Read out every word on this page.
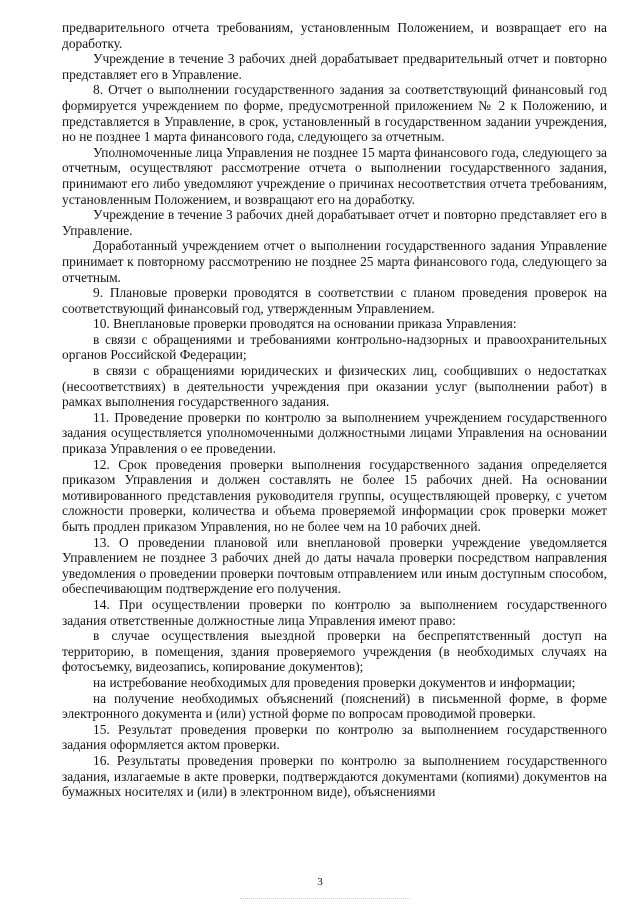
предварительного отчета требованиям, установленным Положением, и возвращает его на доработку.

Учреждение в течение 3 рабочих дней дорабатывает предварительный отчет и повторно представляет его в Управление.

8. Отчет о выполнении государственного задания за соответствующий финансовый год формируется учреждением по форме, предусмотренной приложением № 2 к Положению, и представляется в Управление, в срок, установленный в государственном задании учреждения, но не позднее 1 марта финансового года, следующего за отчетным.

Уполномоченные лица Управления не позднее 15 марта финансового года, следующего за отчетным, осуществляют рассмотрение отчета о выполнении государственного задания, принимают его либо уведомляют учреждение о причинах несоответствия отчета требованиям, установленным Положением, и возвращают его на доработку.

Учреждение в течение 3 рабочих дней дорабатывает отчет и повторно представляет его в Управление.

Доработанный учреждением отчет о выполнении государственного задания Управление принимает к повторному рассмотрению не позднее 25 марта финансового года, следующего за отчетным.

9. Плановые проверки проводятся в соответствии с планом проведения проверок на соответствующий финансовый год, утвержденным Управлением.

10. Внеплановые проверки проводятся на основании приказа Управления:

в связи с обращениями и требованиями контрольно-надзорных и правоохранительных органов Российской Федерации;

в связи с обращениями юридических и физических лиц, сообщивших о недостатках (несоответствиях) в деятельности учреждения при оказании услуг (выполнении работ) в рамках выполнения государственного задания.

11. Проведение проверки по контролю за выполнением учреждением государственного задания осуществляется уполномоченными должностными лицами Управления на основании приказа Управления о ее проведении.

12. Срок проведения проверки выполнения государственного задания определяется приказом Управления и должен составлять не более 15 рабочих дней. На основании мотивированного представления руководителя группы, осуществляющей проверку, с учетом сложности проверки, количества и объема проверяемой информации срок проверки может быть продлен приказом Управления, но не более чем на 10 рабочих дней.

13. О проведении плановой или внеплановой проверки учреждение уведомляется Управлением не позднее 3 рабочих дней до даты начала проверки посредством направления уведомления о проведении проверки почтовым отправлением или иным доступным способом, обеспечивающим подтверждение его получения.

14. При осуществлении проверки по контролю за выполнением государственного задания ответственные должностные лица Управления имеют право:

в случае осуществления выездной проверки на беспрепятственный доступ на территорию, в помещения, здания проверяемого учреждения (в необходимых случаях на фотосъемку, видеозапись, копирование документов);

на истребование необходимых для проведения проверки документов и информации;

на получение необходимых объяснений (пояснений) в письменной форме, в форме электронного документа и (или) устной форме по вопросам проводимой проверки.

15. Результат проведения проверки по контролю за выполнением государственного задания оформляется актом проверки.

16. Результаты проведения проверки по контролю за выполнением государственного задания, излагаемые в акте проверки, подтверждаются документами (копиями) документов на бумажных носителях и (или) в электронном виде), объяснениями

3
